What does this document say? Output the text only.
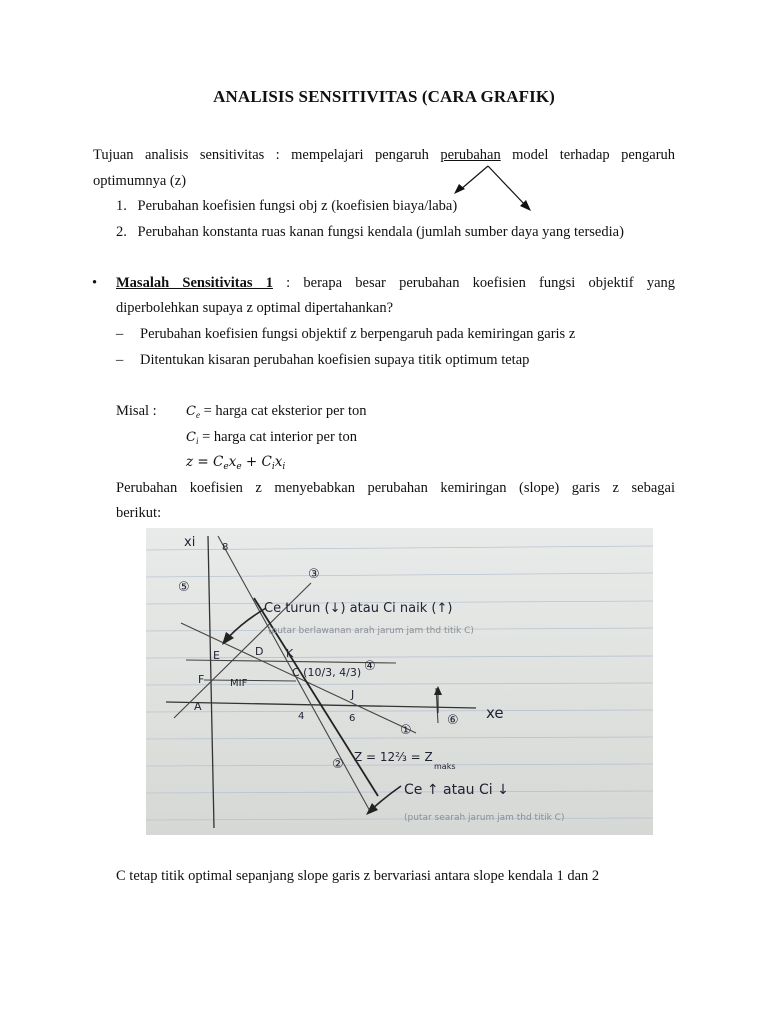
ANALISIS SENSITIVITAS (CARA GRAFIK)
Tujuan analisis sensitivitas : mempelajari pengaruh perubahan model terhadap pengaruh
optimumnya (z)
1. Perubahan koefisien fungsi obj z (koefisien biaya/laba)
2. Perubahan konstanta ruas kanan fungsi kendala (jumlah sumber daya yang tersedia)
• Masalah Sensitivitas 1 : berapa besar perubahan koefisien fungsi objektif yang
diperbolehkan supaya z optimal dipertahankan?
– Perubahan koefisien fungsi objektif z berpengaruh pada kemiringan garis z
– Ditentukan kisaran perubahan koefisien supaya titik optimum tetap
Misal : $C_e$ = harga cat eksterior per ton
$C_i$ = harga cat interior per ton
$z = C_ex_e + C_ix_i$
Perubahan koefisien z menyebabkan perubahan kemiringan (slope) garis z sebagai
berikut:
xi
xe
A
E	D K
F
J
C (10/3, 4/3)
MIF
4	6
8
①
②
③
④
⑤
⑥
Z = 12⅔ = Z
maks
Ce turun (↓) atau Ci naik (↑)
(putar berlawanan arah jarum jam thd titik C)
Ce ↑ atau Ci ↓
(putar searah jarum jam thd titik C)
C tetap titik optimal sepanjang slope garis z bervariasi antara slope kendala 1 dan 2
